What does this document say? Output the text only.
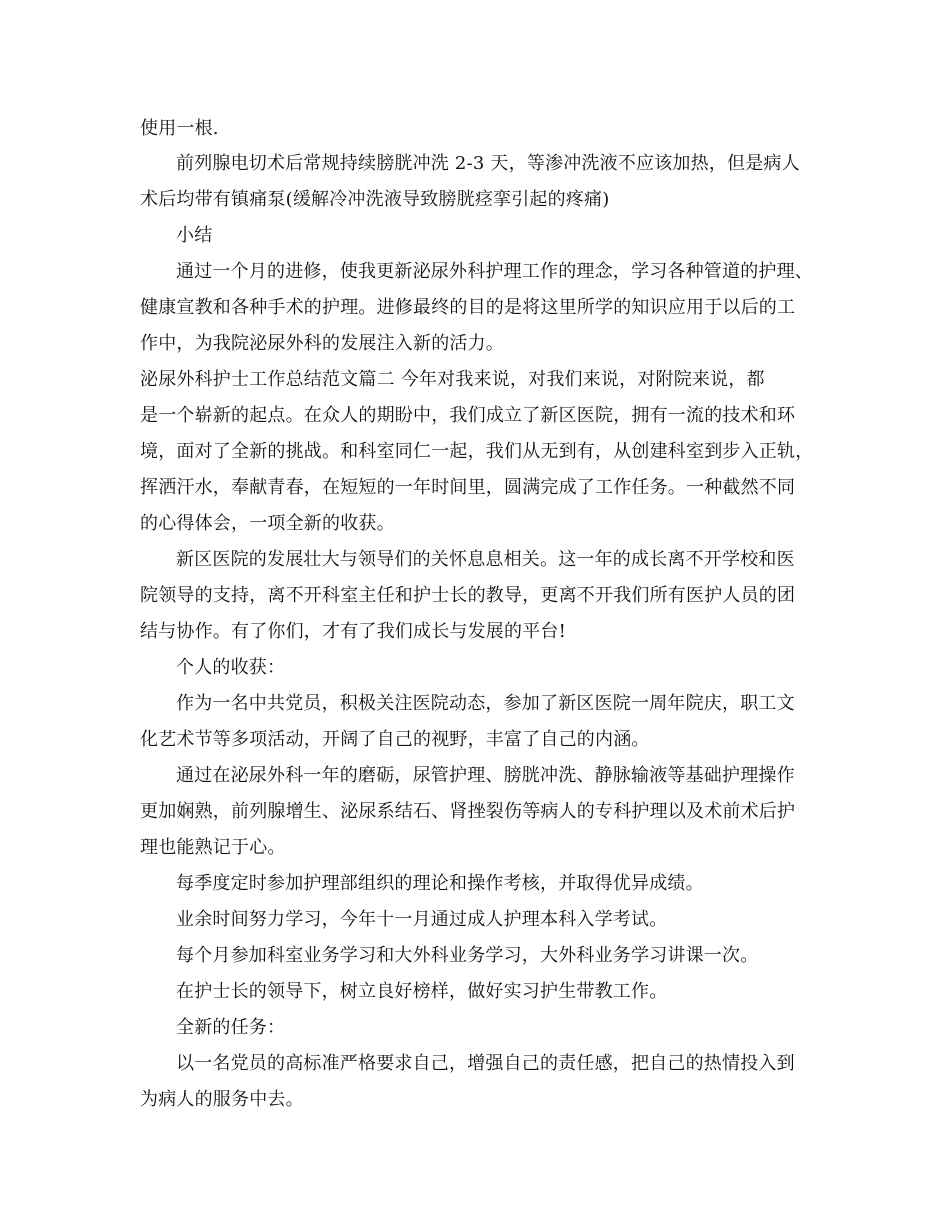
使用一根.
前列腺电切术后常规持续膀胱冲洗 2-3 天，等渗冲洗液不应该加热，但是病人
术后均带有镇痛泵(缓解冷冲洗液导致膀胱痉挛引起的疼痛)
小结
通过一个月的进修，使我更新泌尿外科护理工作的理念，学习各种管道的护理、
健康宣教和各种手术的护理。进修最终的目的是将这里所学的知识应用于以后的工
作中，为我院泌尿外科的发展注入新的活力。
泌尿外科护士工作总结范文篇二 今年对我来说，对我们来说，对附院来说，都
是一个崭新的起点。在众人的期盼中，我们成立了新区医院，拥有一流的技术和环
境，面对了全新的挑战。和科室同仁一起，我们从无到有，从创建科室到步入正轨，
挥洒汗水，奉献青春，在短短的一年时间里，圆满完成了工作任务。一种截然不同
的心得体会，一项全新的收获。
新区医院的发展壮大与领导们的关怀息息相关。这一年的成长离不开学校和医
院领导的支持，离不开科室主任和护士长的教导，更离不开我们所有医护人员的团
结与协作。有了你们，才有了我们成长与发展的平台!
个人的收获：
作为一名中共党员，积极关注医院动态，参加了新区医院一周年院庆，职工文
化艺术节等多项活动，开阔了自己的视野，丰富了自己的内涵。
通过在泌尿外科一年的磨砺，尿管护理、膀胱冲洗、静脉输液等基础护理操作
更加娴熟，前列腺增生、泌尿系结石、肾挫裂伤等病人的专科护理以及术前术后护
理也能熟记于心。
每季度定时参加护理部组织的理论和操作考核，并取得优异成绩。
业余时间努力学习，今年十一月通过成人护理本科入学考试。
每个月参加科室业务学习和大外科业务学习，大外科业务学习讲课一次。
在护士长的领导下，树立良好榜样，做好实习护生带教工作。
全新的任务：
以一名党员的高标准严格要求自己，增强自己的责任感，把自己的热情投入到
为病人的服务中去。
